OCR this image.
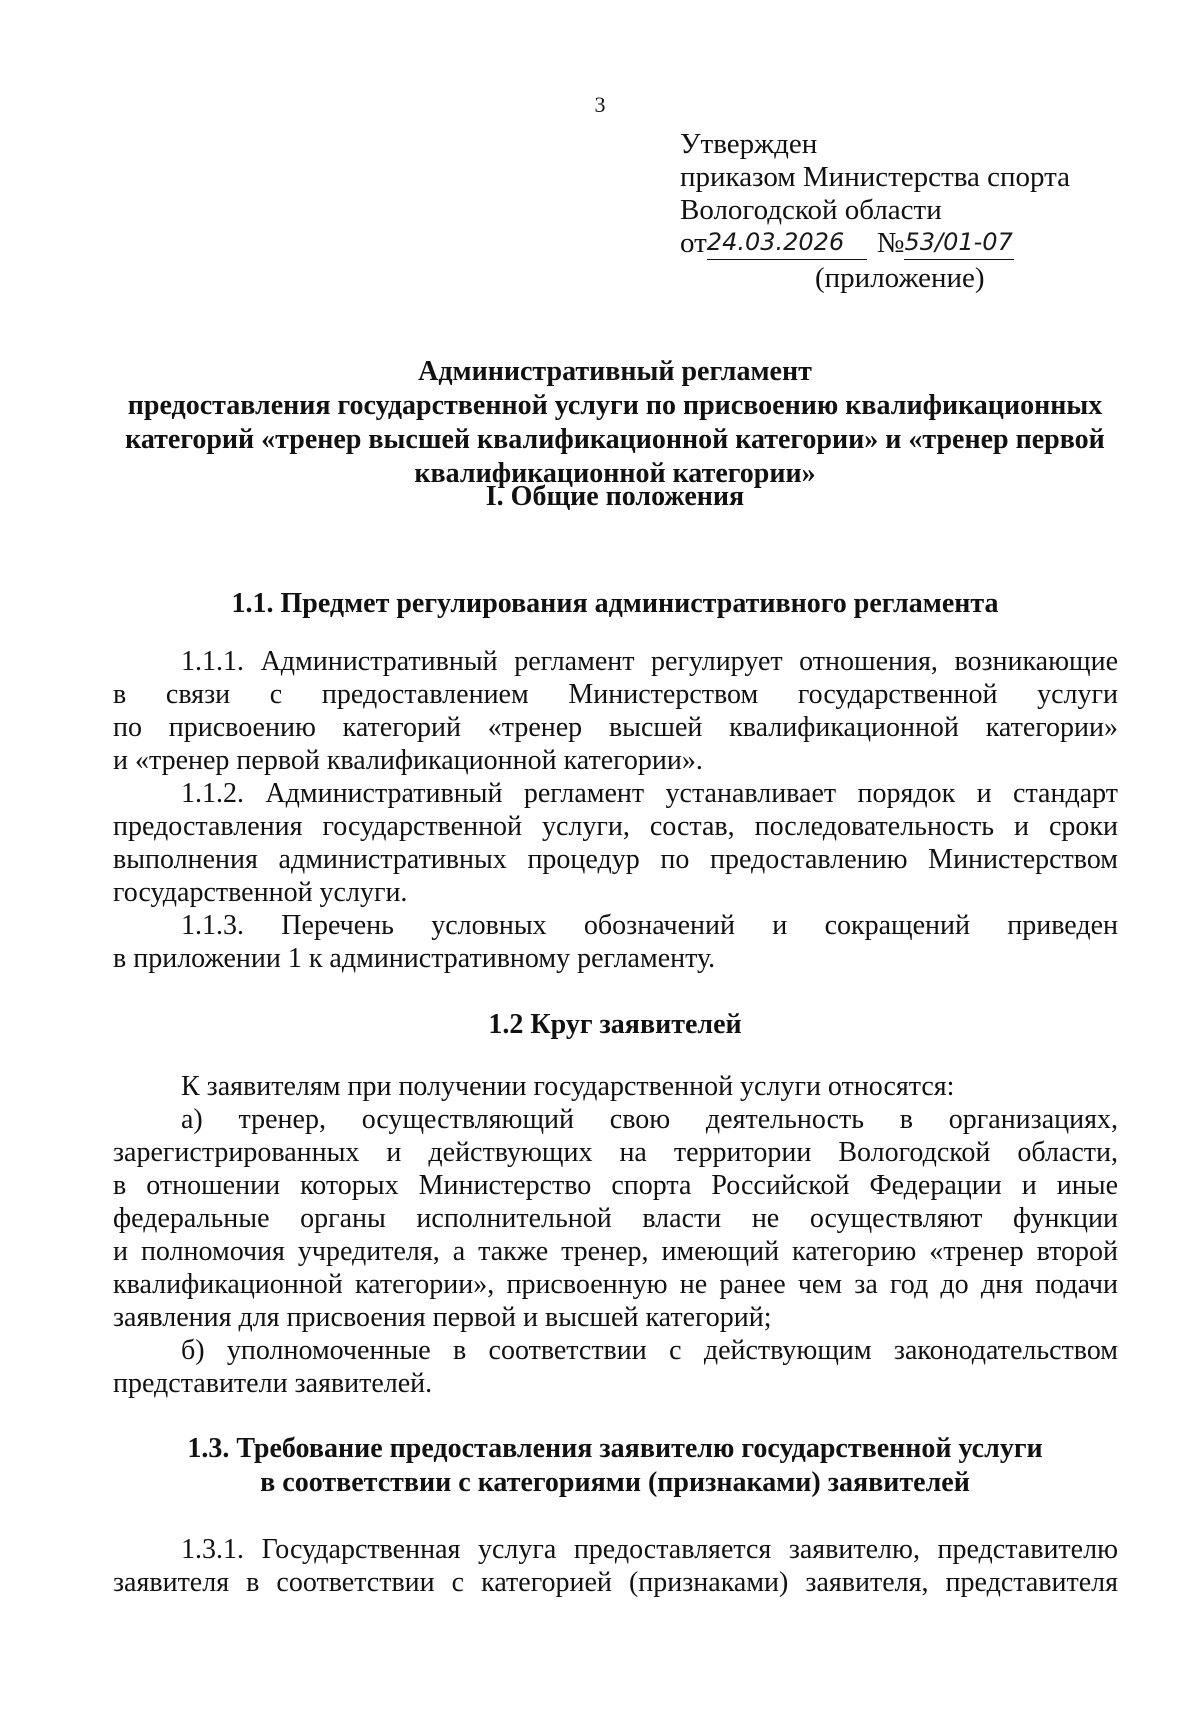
3
Утвержден
приказом Министерства спорта
Вологодской области
от24.03.2026 №53/01-07
(приложение)
Административный регламент
предоставления государственной услуги по присвоению квалификационных
категорий «тренер высшей квалификационной категории» и «тренер первой
квалификационной категории»
I. Общие положения
1.1. Предмет регулирования административного регламента
1.1.1. Административный регламент регулирует отношения, возникающие
в связи с предоставлением Министерством государственной услуги
по присвоению категорий «тренер высшей квалификационной категории»
и «тренер первой квалификационной категории».
1.1.2. Административный регламент устанавливает порядок и стандарт
предоставления государственной услуги, состав, последовательность и сроки
выполнения административных процедур по предоставлению Министерством
государственной услуги.
1.1.3. Перечень условных обозначений и сокращений приведен
в приложении 1 к административному регламенту.
1.2 Круг заявителей
К заявителям при получении государственной услуги относятся:
а) тренер, осуществляющий свою деятельность в организациях,
зарегистрированных и действующих на территории Вологодской области,
в отношении которых Министерство спорта Российской Федерации и иные
федеральные органы исполнительной власти не осуществляют функции
и полномочия учредителя, а также тренер, имеющий категорию «тренер второй
квалификационной категории», присвоенную не ранее чем за год до дня подачи
заявления для присвоения первой и высшей категорий;
б) уполномоченные в соответствии с действующим законодательством
представители заявителей.
1.3. Требование предоставления заявителю государственной услуги
в соответствии с категориями (признаками) заявителей
1.3.1. Государственная услуга предоставляется заявителю, представителю
заявителя в соответствии с категорией (признаками) заявителя, представителя
